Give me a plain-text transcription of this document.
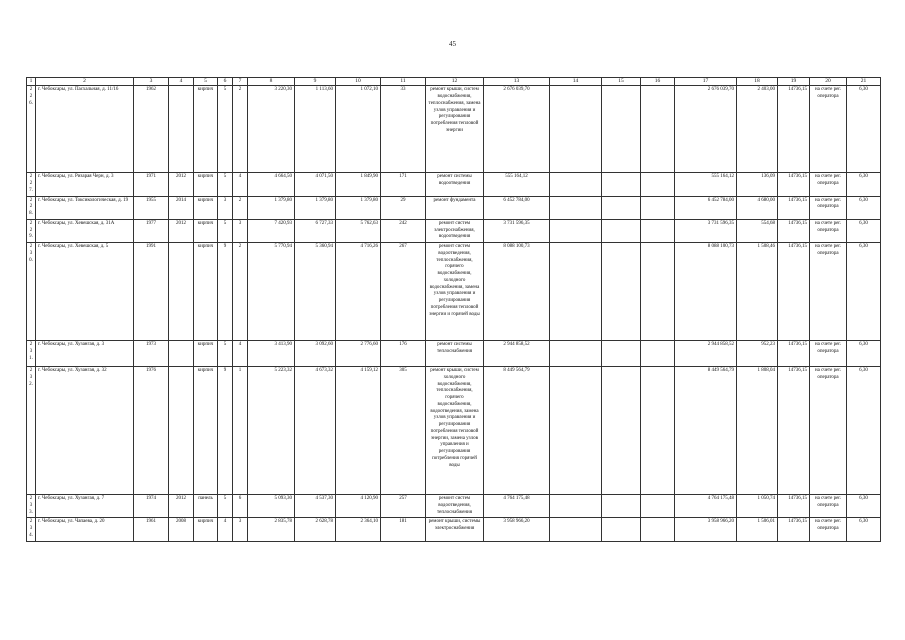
45
1	2	3	4	5	6	7	8	9	10	11	12	13	14	15	16	17	18	19	20	21
226.	г. Чебоксары, ул. Пасхальная, д. 11/16	1962		кирпич	5	2	3 220,30	1 113,60	1 072,10	33	ремонт крыши, систем водоснабжения, теплоснабжения, замена узлов управления и регулирования потребления тепловой энергии	2 676 039,70				2 676 039,70	2 403,00	14736,15	на счете рег. оператора	6,30
227.	г. Чебоксары, ул. Ризарая Черн, д. 3	1971	2012	кирпич	5	4	4 664,50	4 071,50	1 849,90	171	ремонт системы водоотведения	555 164,12				555 164,12	136,09	14736,15	на счете рег. оператора	6,30
228.	г. Чебоксары, ул. Токсикологическая, д. 19	1955	2014	кирпич	3	2	1 379,80	1 379,80	1 379,80	29	ремонт фундамента	6 452 784,00				6 452 784,00	4 680,00	14736,15	на счете рег. оператора	6,30
229.	г. Чебоксары, ул. Хевешская, д. 31А	1977	2012	кирпич	5	3	7 420,93	6 727,33	5 762,63	242	ремонт систем электроснабжения, водоотведения	3 731 596,35				3 731 596,35	554,68	14736,15	на счете рег. оператора	6,30
230.	г. Чебоксары, ул. Хевешская, д. 5	1991		кирпич	9	2	5 770,94	5 360,94	4 716,26	267	ремонт систем водоотведения, теплоснабжения, горячего водоснабжения, холодного водоснабжения, замена узлов управления и регулирования потребления тепловой энергии и горячей воды	8 088 100,73				8 088 100,73	1 508,46	14736,15	на счете рег. оператора	6,30
231.	г. Чебоксары, ул. Хузангая, д. 3	1973		кирпич	5	4	3 413,90	3 092,60	2 776,60	176	ремонт системы теплоснабжения	2 944 858,52				2 944 858,52	952,23	14736,15	на счете рег. оператора	6,30
232.	г. Чебоксары, ул. Хузангая, д. 32	1976		кирпич	9	1	5 223,32	4 673,32	4 159,12	305	ремонт крыши, систем холодного водоснабжения, теплоснабжения, горячего водоснабжения, водоотведения, замена узлов управления и регулирования потребления тепловой энергии, замена узлов управления и регулирования потребления горячей воды	8 449 564,79				8 449 564,79	1 808,04	14736,15	на счете рег. оператора	6,30
233.	г. Чебоксары, ул. Хузангая, д. 7	1974	2012	панель	5	6	5 093,30	4 537,30	4 120,90	257	ремонт систем водоотведения, теплоснабжения	4 764 175,48				4 764 175,48	1 050,74	14736,15	на счете рег. оператора	6,30
234.	г. Чебоксары, ул. Чапаева, д. 20	1961	2008	кирпич	4	3	2 835,78	2 628,78	2 364,10	181	ремонт крыши, системы электроснабжения	3 958 966,20				3 958 966,20	1 506,01	14736,15	на счете рег. оператора	6,30
